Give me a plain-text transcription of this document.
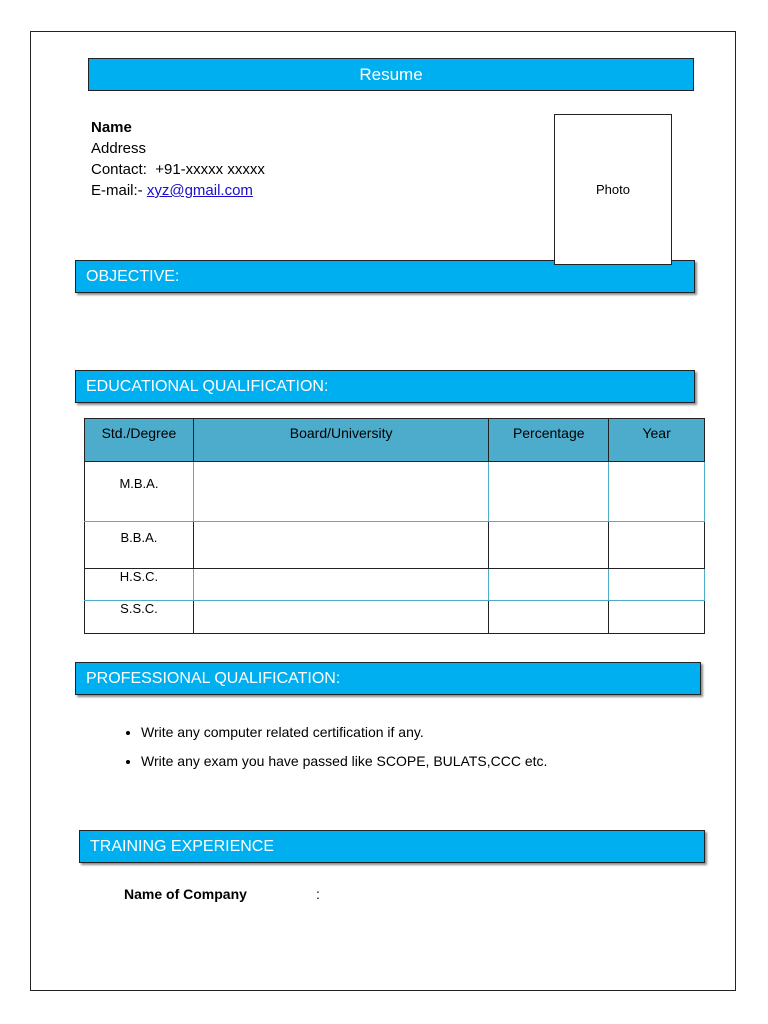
Resume
Name
Address
Contact: +91-xxxxx xxxxx
E-mail:- xyz@gmail.com	Photo
OBJECTIVE:
EDUCATIONAL QUALIFICATION:
Std./Degree	Board/University	Percentage	Year
M.B.A.			
B.B.A.			
H.S.C.			
S.S.C.			
PROFESSIONAL QUALIFICATION:
• Write any computer related certification if any.
• Write any exam you have passed like SCOPE, BULATS,CCC etc.
TRAINING EXPERIENCE
Name of Company	:
